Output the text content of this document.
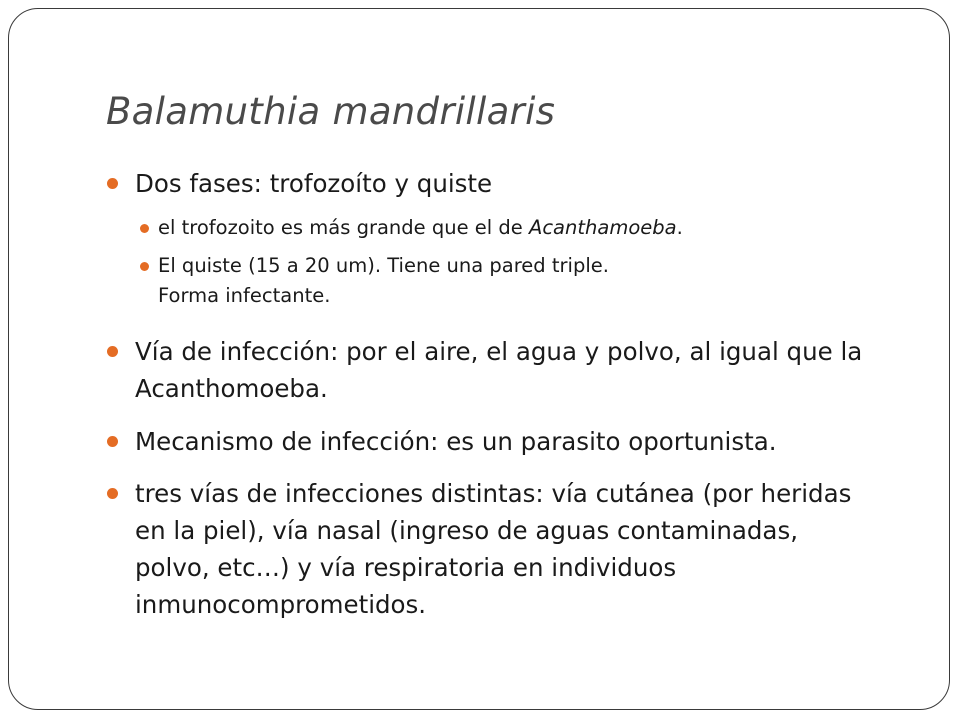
Balamuthia mandrillaris
Dos fases: trofozoíto y quiste
el trofozoito es más grande que el de Acanthamoeba.
El quiste (15 a 20 um). Tiene una pared triple.
Forma infectante.
Vía de infección: por el aire, el agua y polvo, al igual que la Acanthomoeba.
Mecanismo de infección: es un parasito oportunista.
tres vías de infecciones distintas: vía cutánea (por heridas en la piel), vía nasal (ingreso de aguas contaminadas, polvo, etc…) y vía respiratoria en individuos inmunocomprometidos.
